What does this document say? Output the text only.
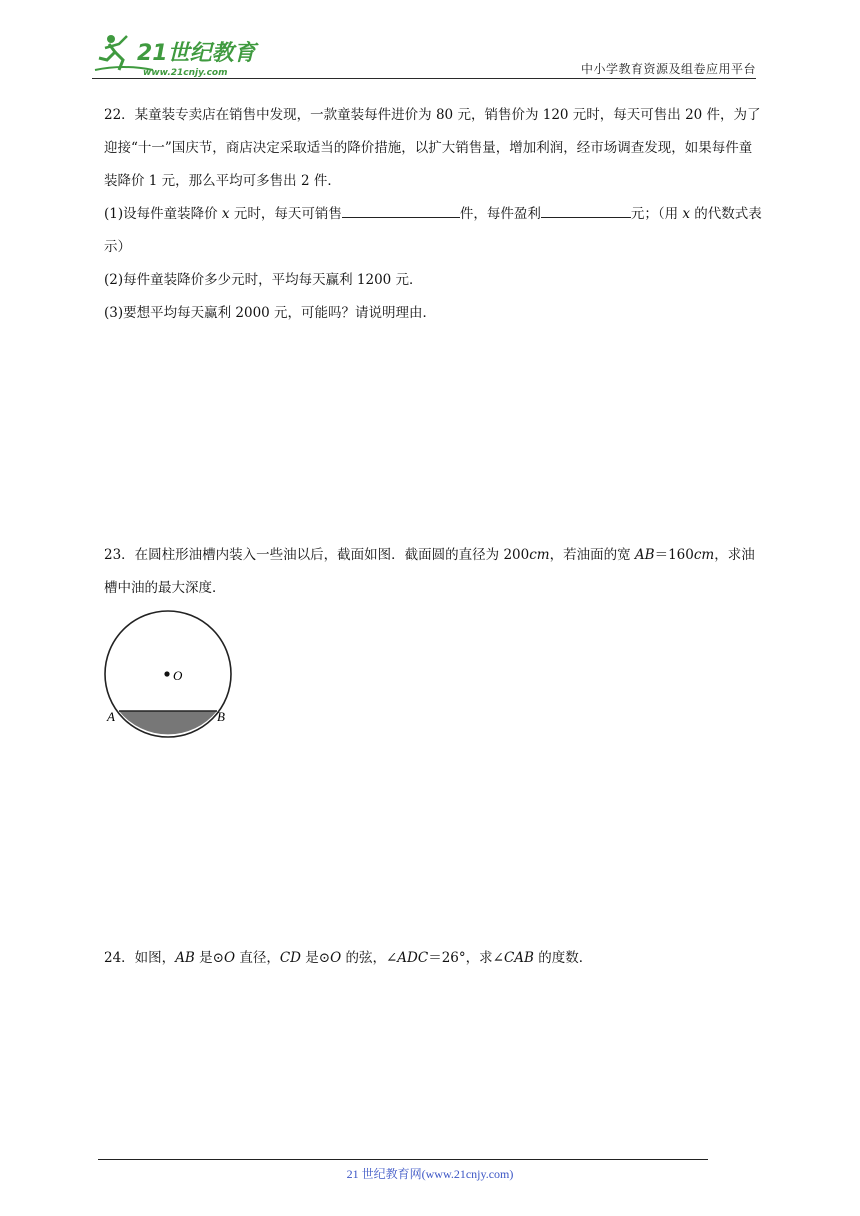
21世纪教育
www.21cnjy.com	中小学教育资源及组卷应用平台
22．某童装专卖店在销售中发现，一款童装每件进价为 80 元，销售价为 120 元时，每天可售出 20 件，为了迎接“十一”国庆节，商店决定采取适当的降价措施，以扩大销售量，增加利润，经市场调查发现，如果每件童装降价 1 元，那么平均可多售出 2 件．
(1)设每件童装降价 x 元时，每天可销售	件，每件盈利	元；（用 x 的代数式表示）
(2)每件童装降价多少元时，平均每天赢利 1200 元．
(3)要想平均每天赢利 2000 元，可能吗？请说明理由．
23．在圆柱形油槽内装入一些油以后，截面如图．截面圆的直径为 200cm，若油面的宽 AB＝160cm，求油槽中油的最大深度．
O
A	B
24．如图，AB 是⊙O 直径，CD 是⊙O 的弦，∠ADC＝26°，求∠CAB 的度数．
21 世纪教育网(www.21cnjy.com)
